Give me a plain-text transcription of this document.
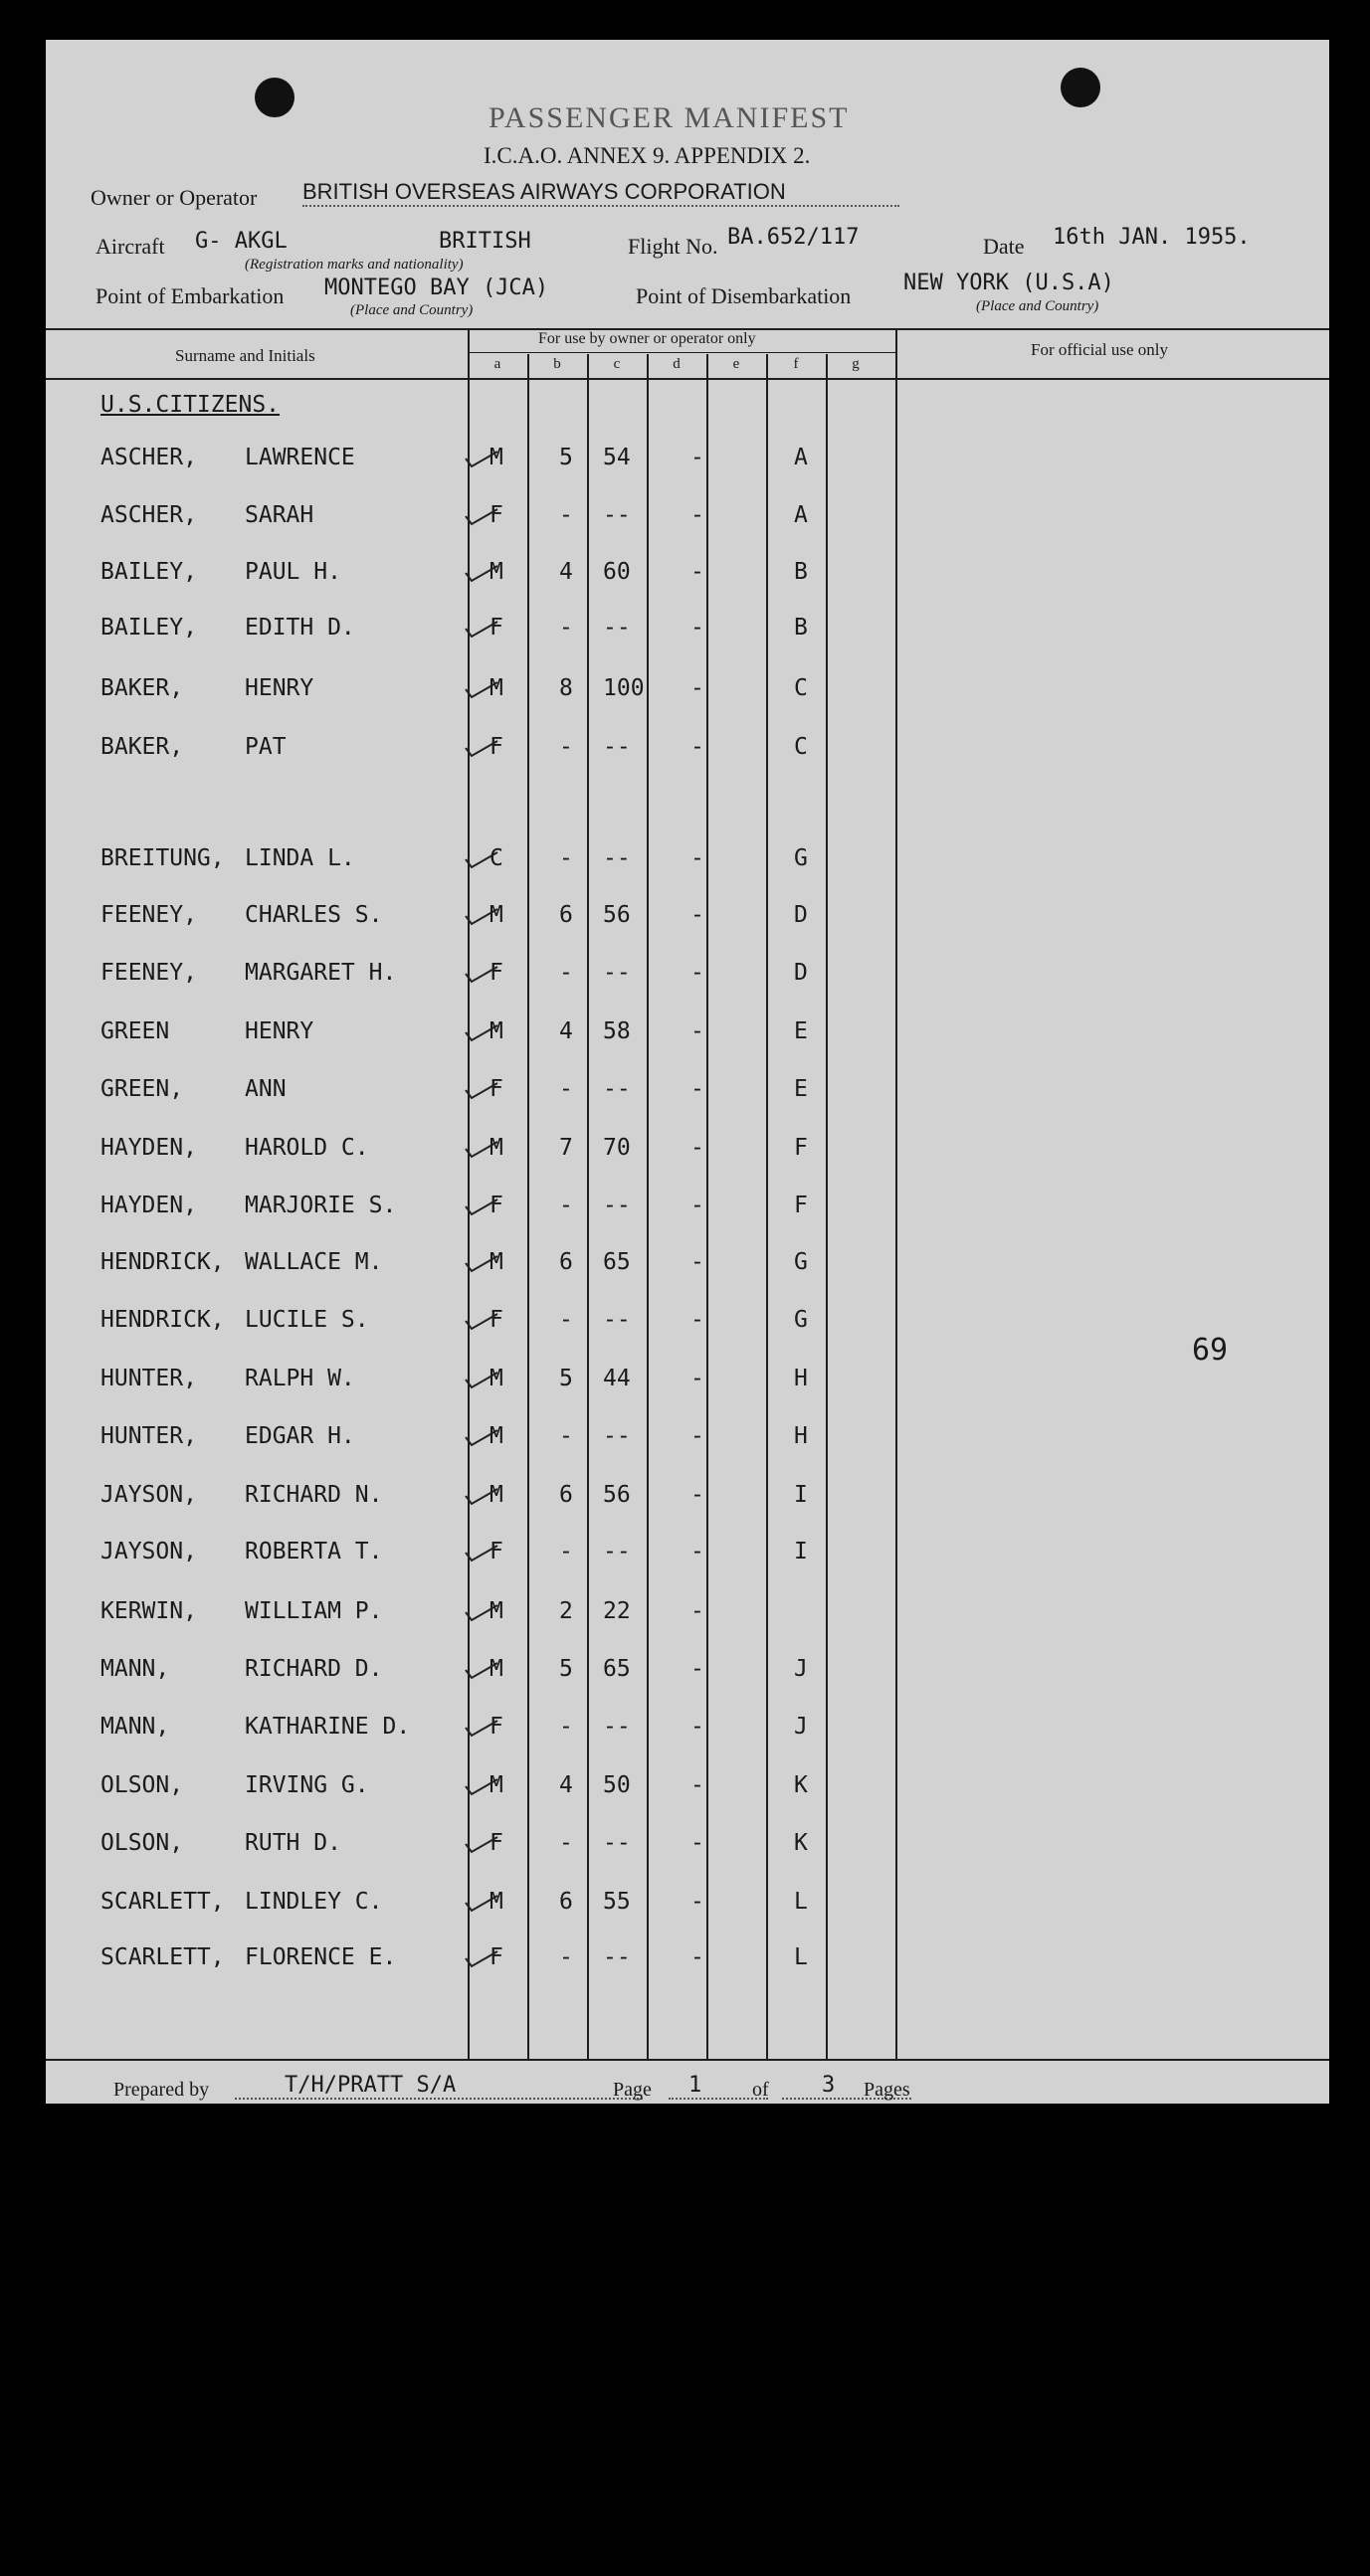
PASSENGER MANIFEST
I.C.A.O. ANNEX 9. APPENDIX 2.
Owner or Operator BRITISH OVERSEAS AIRWAYS CORPORATION
Aircraft G- AKGL	BRITISH
(Registration marks and nationality)
Flight No. BA.652/117	Date 16th JAN. 1955.
Point of Embarkation MONTEGO BAY (JCA)
(Place and Country)
Point of Disembarkation
NEW YORK (U.S.A)
(Place and Country)
Surname and Initials
For use by owner or operator only
For official use only
a	b	c	d	e	f	g
U.S.CITIZENS.
ASCHER, LAWRENCE	M 5 54	-	A
ASCHER, SARAH	F - --	-	A
BAILEY, PAUL H.	M 4 60	-	B
BAILEY, EDITH D.	F - --	-	B
BAKER,	HENRY	M 8 100 -	C
BAKER,	PAT	F - --	-	C
BREITUNG, LINDA L.	C - --	-	G
FEENEY, CHARLES S.	M 6 56	-	D
FEENEY, MARGARET H.	F - --	-	D
GREEN	HENRY	M 4 58	-	E
GREEN,	ANN	F - --	-	E
HAYDEN, HAROLD C.	M 7 70	-	F
HAYDEN, MARJORIE S.	F - --	-	F
HENDRICK, WALLACE M.	M 6 65	-	G
HENDRICK, LUCILE S.	F - --	-	G
HUNTER, RALPH W.	M 5 44	-	H
HUNTER, EDGAR H.	M - --	-	H
JAYSON, RICHARD N.	M 6 56	-	I
JAYSON, ROBERTA T.	F - --	-	I
KERWIN, WILLIAM P.	M 2 22	-
MANN,	RICHARD D.	M 5 65	-	J
MANN,	KATHARINE D.	F - --	-	J
OLSON,	IRVING G.	M 4 50	-	K
OLSON,	RUTH D.	F - --	-	K
SCARLETT, LINDLEY C.	M 6 55	-	L
SCARLETT, FLORENCE E.	F - --	-	L
69
Prepared by	T/H/PRATT S/A	Page	1	of	3	Pages
